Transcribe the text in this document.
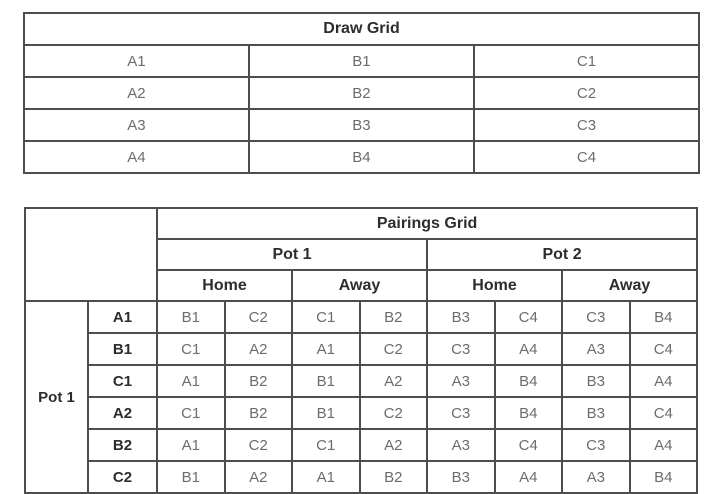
Draw Grid		
A1	B1	C1
A2	B2	C2
A3	B3	C3
A4	B4	C4
		Pairings Grid							
		Pot 1				Pot 2			
		Home		Away		Home		Away	
Pot 1	A1	B1	C2	C1	B2	B3	C4	C3	B4
	B1	C1	A2	A1	C2	C3	A4	A3	C4
	C1	A1	B2	B1	A2	A3	B4	B3	A4
	A2	C1	B2	B1	C2	C3	B4	B3	C4
	B2	A1	C2	C1	A2	A3	C4	C3	A4
	C2	B1	A2	A1	B2	B3	A4	A3	B4
